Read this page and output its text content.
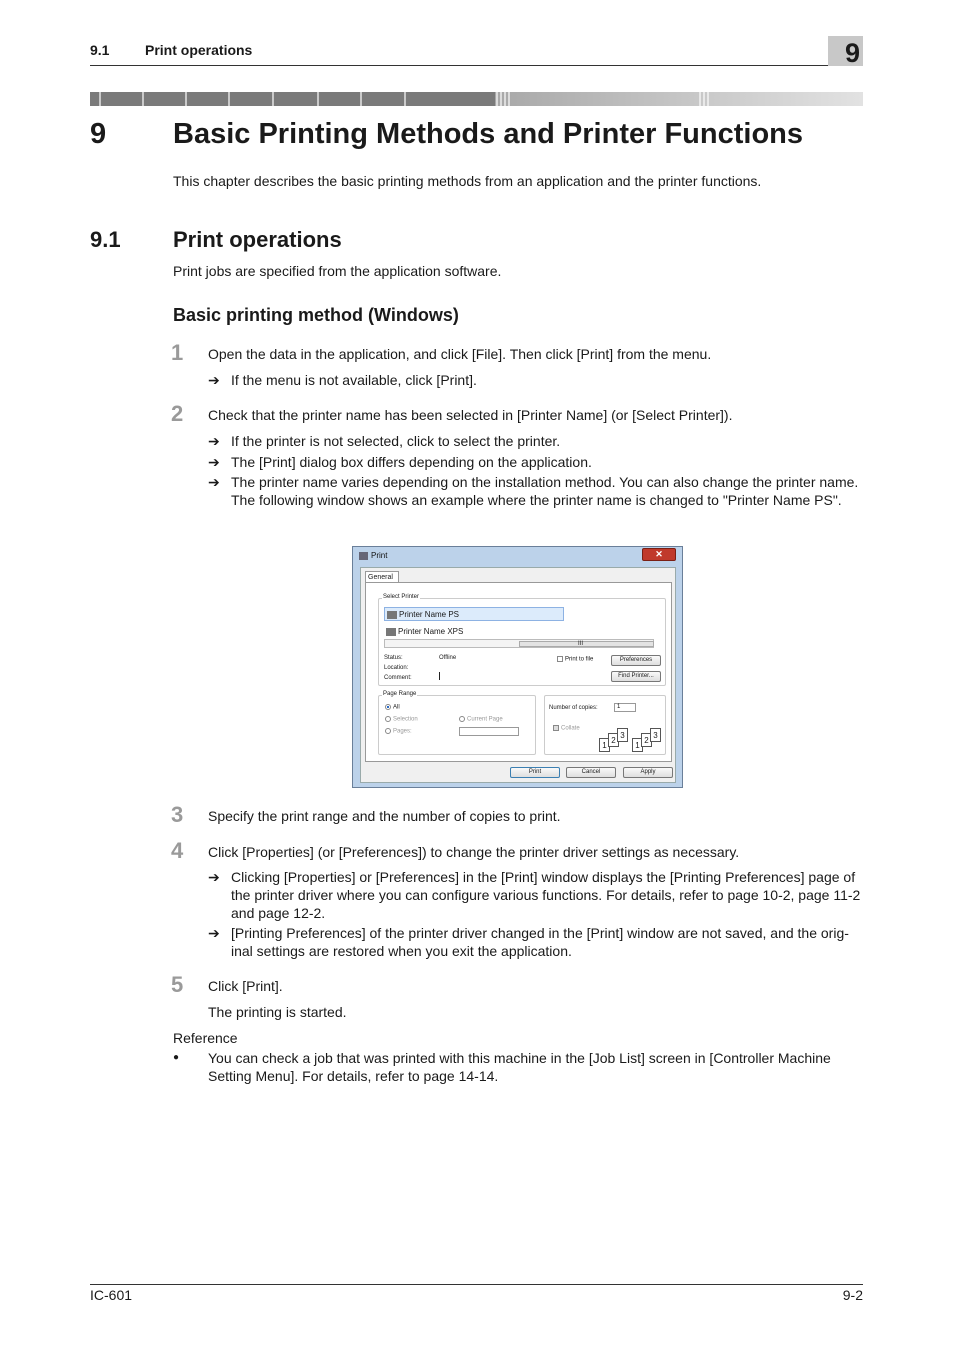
9.1	Print operations	9
9 Basic Printing Methods and Printer Functions
This chapter describes the basic printing methods from an application and the printer functions.
9.1 Print operations
Print jobs are specified from the application software.
Basic printing method (Windows)
1 Open the data in the application, and click [File]. Then click [Print] from the menu.
➔ If the menu is not available, click [Print].
2 Check that the printer name has been selected in [Printer Name] (or [Select Printer]).
➔ If the printer is not selected, click to select the printer.
➔ The [Print] dialog box differs depending on the application.
➔ The printer name varies depending on the installation method. You can also change the printer name. The following window shows an example where the printer name is changed to "Printer Name PS".
Print	✕
General
Select Printer
Printer Name PS
Printer Name XPS
III
Status:	Offline
Location:
Comment:
Print to file	Preferences
Find Printer...
Page Range
All
Selection	Current Page
Pages:
Number of copies:	1
Collate
1
2
3
1
2
3
Print	Cancel	Apply
3 Specify the print range and the number of copies to print.
4 Click [Properties] (or [Preferences]) to change the printer driver settings as necessary.
➔ Clicking [Properties] or [Preferences] in the [Print] window displays the [Printing Preferences] page of the printer driver where you can configure various functions. For details, refer to page 10-2, page 11-2 and page 12-2.
➔ [Printing Preferences] of the printer driver changed in the [Print] window are not saved, and the orig-inal settings are restored when you exit the application.
5 Click [Print].
The printing is started.
Reference
● You can check a job that was printed with this machine in the [Job List] screen in [Controller Machine Setting Menu]. For details, refer to page 14-14.
IC-601	9-2
